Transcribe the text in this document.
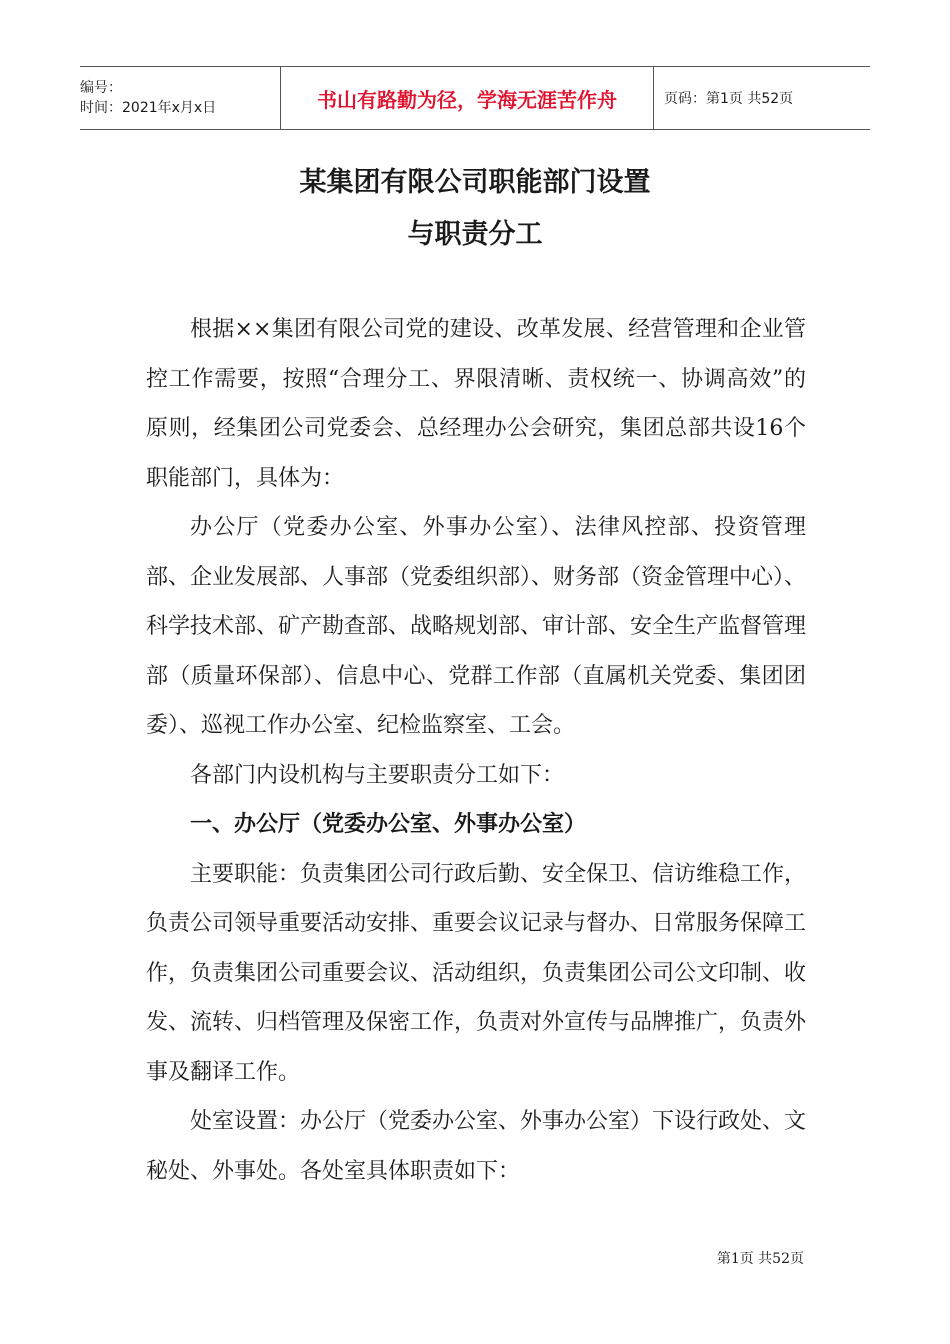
编号：
时间：2021年x月x日	书山有路勤为径，学海无涯苦作舟	页码：第1页 共52页
某集团有限公司职能部门设置
与职责分工

根据××集团有限公司党的建设、改革发展、经营管理和企业管控工作需要，按照“合理分工、界限清晰、责权统一、协调高效”的原则，经集团公司党委会、总经理办公会研究，集团总部共设16个职能部门，具体为：

办公厅（党委办公室、外事办公室）、法律风控部、投资管理部、企业发展部、人事部（党委组织部）、财务部（资金管理中心）、科学技术部、矿产勘查部、战略规划部、审计部、安全生产监督管理部（质量环保部）、信息中心、党群工作部（直属机关党委、集团团委）、巡视工作办公室、纪检监察室、工会。

各部门内设机构与主要职责分工如下：

一、办公厅（党委办公室、外事办公室）

主要职能：负责集团公司行政后勤、安全保卫、信访维稳工作，负责公司领导重要活动安排、重要会议记录与督办、日常服务保障工作，负责集团公司重要会议、活动组织，负责集团公司公文印制、收发、流转、归档管理及保密工作，负责对外宣传与品牌推广，负责外事及翻译工作。

处室设置：办公厅（党委办公室、外事办公室）下设行政处、文秘处、外事处。各处室具体职责如下：

第1页 共52页
